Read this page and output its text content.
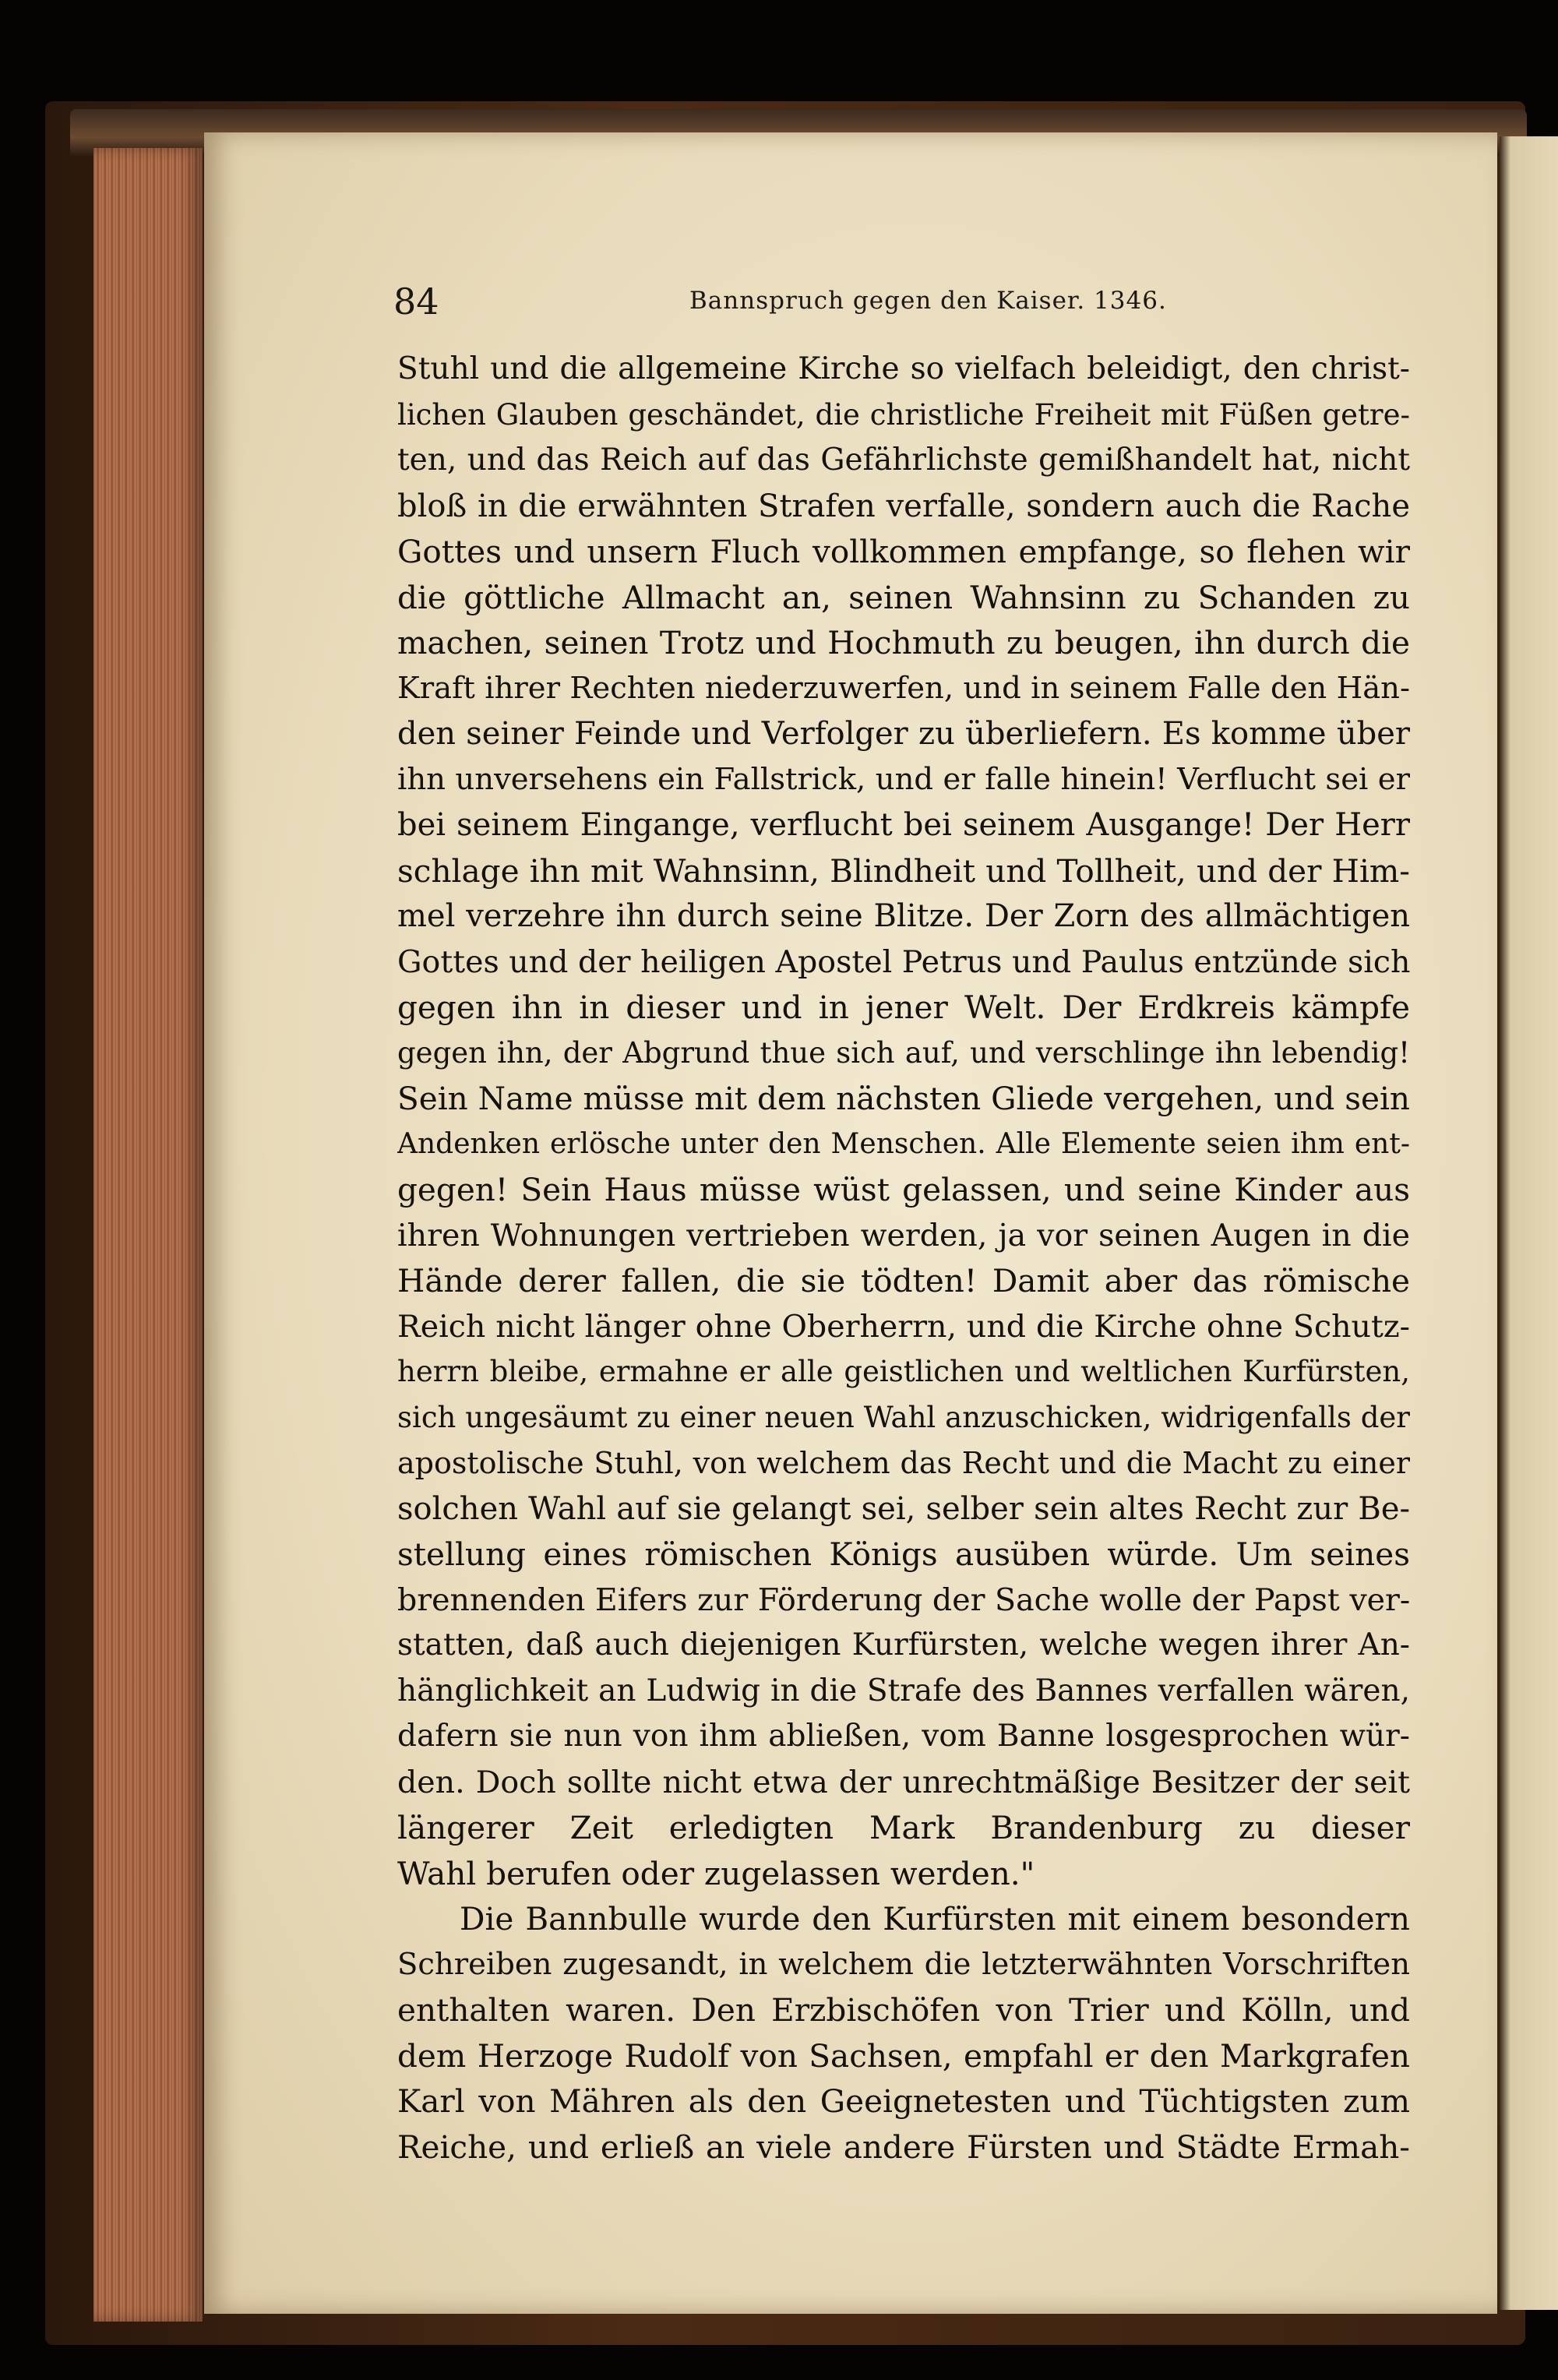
84	Bannspruch gegen den Kaiser. 1346.
Stuhl und die allgemeine Kirche so vielfach beleidigt, den christ-
lichen Glauben geschändet, die christliche Freiheit mit Füßen getre-
ten, und das Reich auf das Gefährlichste gemißhandelt hat, nicht
bloß in die erwähnten Strafen verfalle, sondern auch die Rache
Gottes und unsern Fluch vollkommen empfange, so flehen wir
die göttliche Allmacht an, seinen Wahnsinn zu Schanden zu
machen, seinen Trotz und Hochmuth zu beugen, ihn durch die
Kraft ihrer Rechten niederzuwerfen, und in seinem Falle den Hän-
den seiner Feinde und Verfolger zu überliefern. Es komme über
ihn unversehens ein Fallstrick, und er falle hinein! Verflucht sei er
bei seinem Eingange, verflucht bei seinem Ausgange! Der Herr
schlage ihn mit Wahnsinn, Blindheit und Tollheit, und der Him-
mel verzehre ihn durch seine Blitze. Der Zorn des allmächtigen
Gottes und der heiligen Apostel Petrus und Paulus entzünde sich
gegen ihn in dieser und in jener Welt. Der Erdkreis kämpfe
gegen ihn, der Abgrund thue sich auf, und verschlinge ihn lebendig!
Sein Name müsse mit dem nächsten Gliede vergehen, und sein
Andenken erlösche unter den Menschen. Alle Elemente seien ihm ent-
gegen! Sein Haus müsse wüst gelassen, und seine Kinder aus
ihren Wohnungen vertrieben werden, ja vor seinen Augen in die
Hände derer fallen, die sie tödten! Damit aber das römische
Reich nicht länger ohne Oberherrn, und die Kirche ohne Schutz-
herrn bleibe, ermahne er alle geistlichen und weltlichen Kurfürsten,
sich ungesäumt zu einer neuen Wahl anzuschicken, widrigenfalls der
apostolische Stuhl, von welchem das Recht und die Macht zu einer
solchen Wahl auf sie gelangt sei, selber sein altes Recht zur Be-
stellung eines römischen Königs ausüben würde. Um seines
brennenden Eifers zur Förderung der Sache wolle der Papst ver-
statten, daß auch diejenigen Kurfürsten, welche wegen ihrer An-
hänglichkeit an Ludwig in die Strafe des Bannes verfallen wären,
dafern sie nun von ihm abließen, vom Banne losgesprochen wür-
den. Doch sollte nicht etwa der unrechtmäßige Besitzer der seit
längerer Zeit erledigten Mark Brandenburg zu dieser
Wahl berufen oder zugelassen werden."
Die Bannbulle wurde den Kurfürsten mit einem besondern
Schreiben zugesandt, in welchem die letzterwähnten Vorschriften
enthalten waren. Den Erzbischöfen von Trier und Kölln, und
dem Herzoge Rudolf von Sachsen, empfahl er den Markgrafen
Karl von Mähren als den Geeignetesten und Tüchtigsten zum
Reiche, und erließ an viele andere Fürsten und Städte Ermah-
